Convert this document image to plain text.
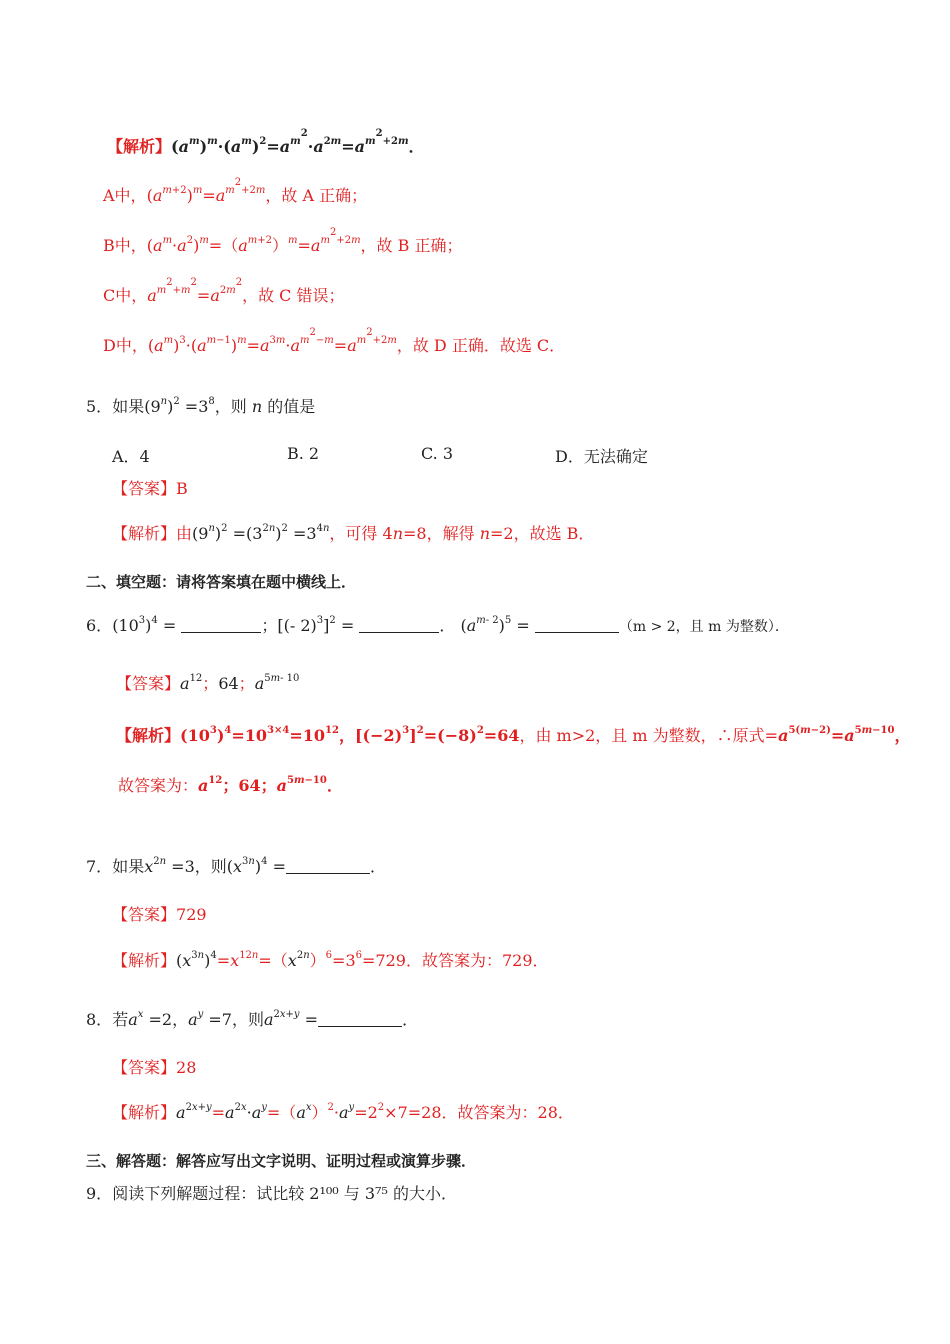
【解析】$(a^m)^m\cdot(a^m)^2=a^{m^2}\cdot a^{2m}=a^{m^2+2m}$．
A中，$(a^{m+2})^m=a^{m^2+2m}$，故 A 正确；
B中，$(a^m\cdot a^2)^m=(a^{m+2})^m=a^{m^2+2m}$，故 B 正确；
C中，$a^{m^2+m^2}=a^{2m^2}$，故 C 错误；
D中，$(a^m)^3\cdot(a^{m-1})^m=a^{3m}\cdot a^{m^2-m}=a^{m^2+2m}$，故 D 正确．故选 C．
5．如果$(9^n)^2 =3^8$，则 n 的值是
A．4	B. 2	C. 3	D．无法确定
【答案】B
【解析】由$(9^n)^2 =(3^{2n})^2 =3^{4n}$，可得 4n=8，解得 n=2，故选 B．
二、填空题：请将答案填在题中横线上．
6．$(10^3)^4$ =	；[(- 2)$^3$]$^2$ =	． $(a^{m- 2})^5$ =	（m > 2，且 m 为整数）．
【答案】$a^{12}$；64；$a^{5m- 10}$
【解析】$(10^3)^4=10^{3\times 4}=10^{12}$，$[(-2)^3]^2=(-8)^2=64$，由 m>2，且 m 为整数，∴原式$=a^{5(m-2)}=a^{5m-10}$，
故答案为：$a^{12}$；64；$a^{5m-10}$．
7．如果$x^{2n} =3$，则$(x^{3n})^4$ =	．
【答案】729
【解析】$(x^{3n})^4=x^{12n}=(x^{2n})^6=3^6=729$．故答案为：729．
8．若$a^x =2$，$a^y =7$，则$a^{2x+y}$ =	．
【答案】28
【解析】$a^{2x+y}=a^{2x}\cdot a^y=(a^x)^2\cdot a^y=2^2\times 7=28$．故答案为：28．
三、解答题：解答应写出文字说明、证明过程或演算步骤．
9．阅读下列解题过程：试比较 2¹⁰⁰ 与 3⁷⁵ 的大小．
